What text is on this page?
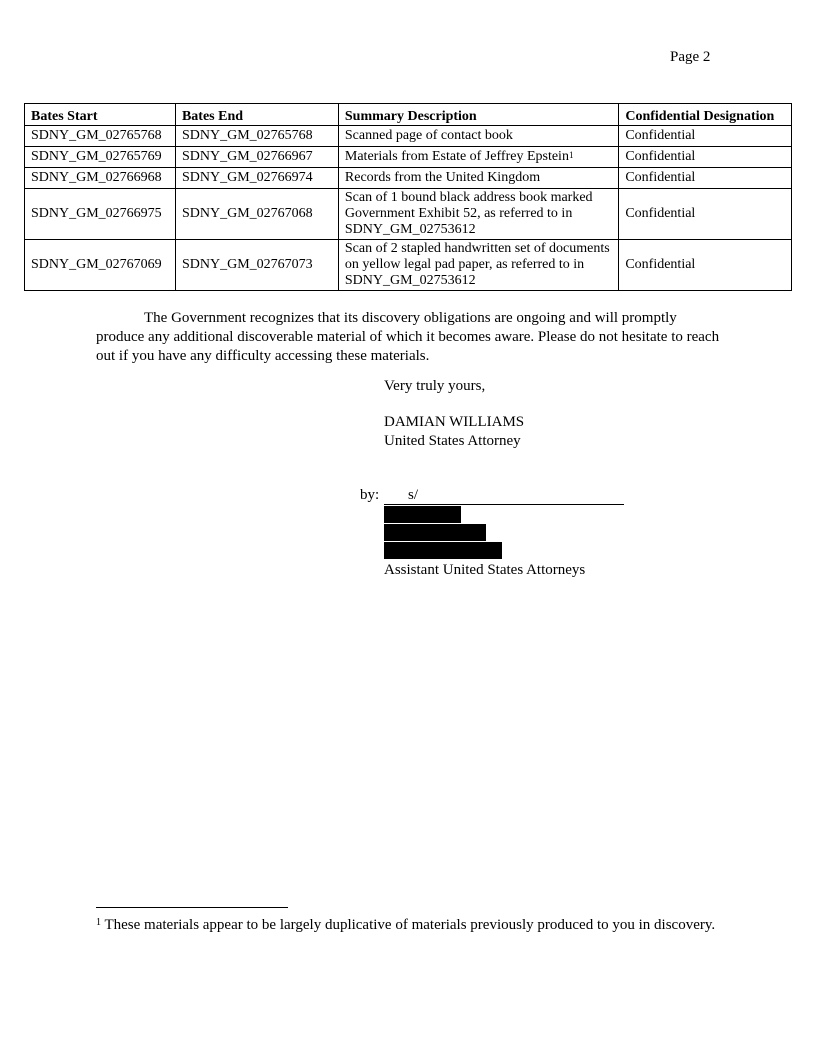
Page 2
Bates Start	Bates End	Summary Description	Confidential Designation
SDNY_GM_02765768	SDNY_GM_02765768	Scanned page of contact book	Confidential
SDNY_GM_02765769	SDNY_GM_02766967	Materials from Estate of Jeffrey Epstein$^1$	Confidential
SDNY_GM_02766968	SDNY_GM_02766974	Records from the United Kingdom	Confidential
SDNY_GM_02766975	SDNY_GM_02767068	Scan of 1 bound black address book marked Government Exhibit 52, as referred to in SDNY_GM_02753612	Confidential
SDNY_GM_02767069	SDNY_GM_02767073	Scan of 2 stapled handwritten set of documents on yellow legal pad paper, as referred to in SDNY_GM_02753612	Confidential

The Government recognizes that its discovery obligations are ongoing and will promptly produce any additional discoverable material of which it becomes aware. Please do not hesitate to reach out if you have any difficulty accessing these materials.

Very truly yours,
DAMIAN WILLIAMS
United States Attorney
by: s/
Assistant United States Attorneys

$^1$ These materials appear to be largely duplicative of materials previously produced to you in discovery.
